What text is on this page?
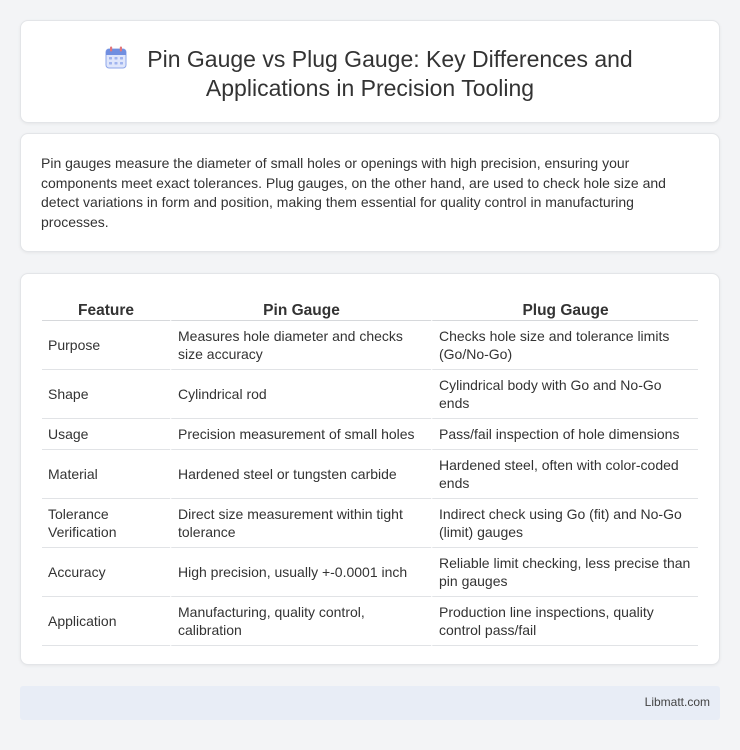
Pin Gauge vs Plug Gauge: Key Differences and
Applications in Precision Tooling

Pin gauges measure the diameter of small holes or openings with high precision, ensuring your components meet exact tolerances. Plug gauges, on the other hand, are used to check hole size and detect variations in form and position, making them essential for quality control in manufacturing processes.

Feature	Pin Gauge	Plug Gauge
Purpose	Measures hole diameter and checks size accuracy	Checks hole size and tolerance limits (Go/No-Go)
Shape	Cylindrical rod	Cylindrical body with Go and No-Go ends
Usage	Precision measurement of small holes	Pass/fail inspection of hole dimensions
Material	Hardened steel or tungsten carbide	Hardened steel, often with color-coded ends
Tolerance Verification	Direct size measurement within tight tolerance	Indirect check using Go (fit) and No-Go (limit) gauges
Accuracy	High precision, usually +-0.0001 inch	Reliable limit checking, less precise than pin gauges
Application	Manufacturing, quality control, calibration	Production line inspections, quality control pass/fail
Libmatt.com
